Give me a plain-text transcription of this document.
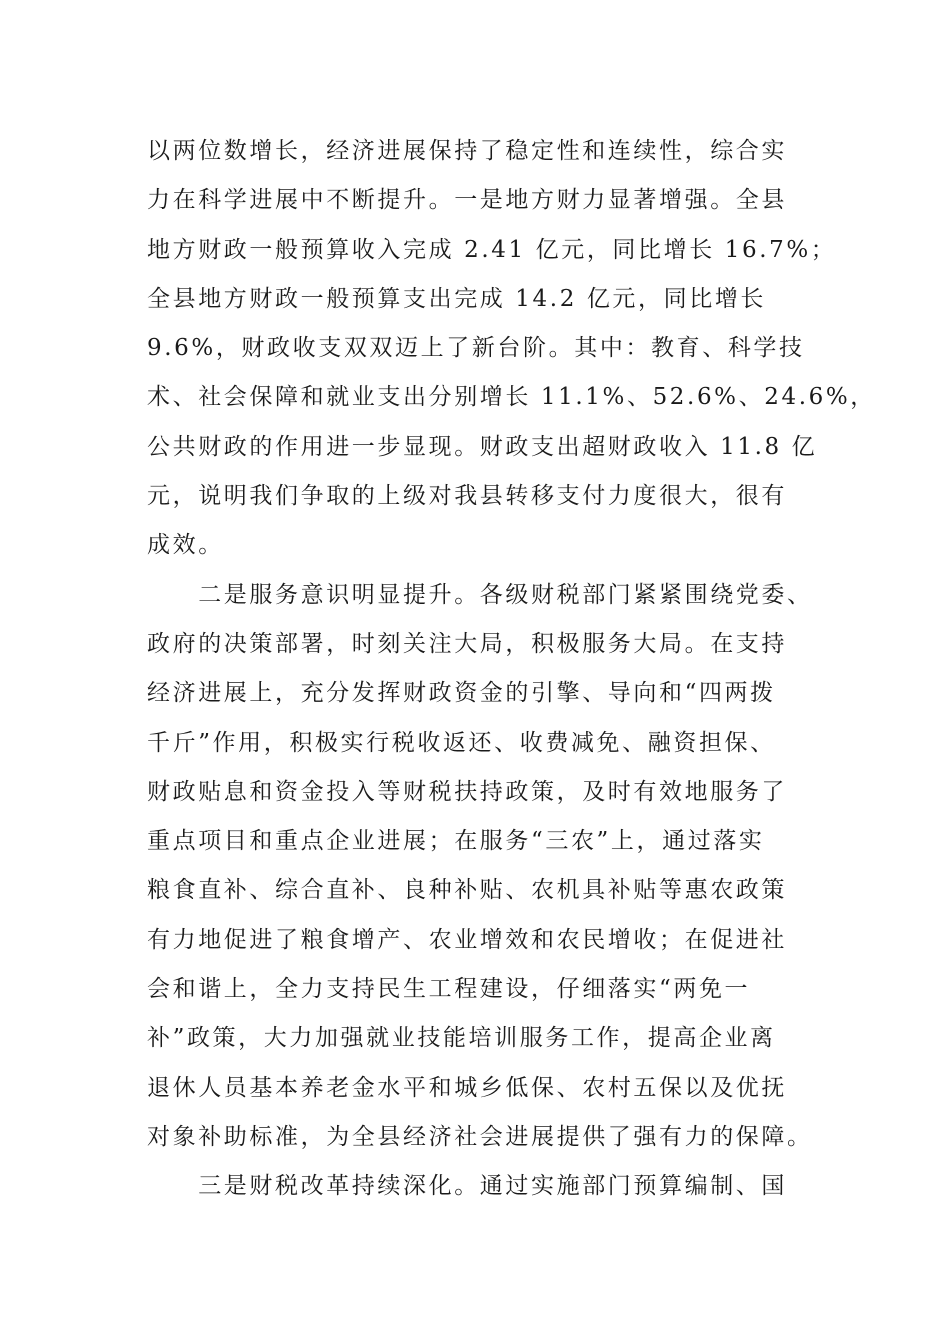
以两位数增长，经济进展保持了稳定性和连续性，综合实
力在科学进展中不断提升。一是地方财力显著增强。全县
地方财政一般预算收入完成 2.41 亿元，同比增长 16.7%；
全县地方财政一般预算支出完成 14.2 亿元，同比增长
9.6%，财政收支双双迈上了新台阶。其中：教育、科学技
术、社会保障和就业支出分别增长 11.1%、52.6%、24.6%，
公共财政的作用进一步显现。财政支出超财政收入 11.8 亿
元，说明我们争取的上级对我县转移支付力度很大，很有
成效。
　　二是服务意识明显提升。各级财税部门紧紧围绕党委、
政府的决策部署，时刻关注大局，积极服务大局。在支持
经济进展上，充分发挥财政资金的引擎、导向和“四两拨
千斤”作用，积极实行税收返还、收费减免、融资担保、
财政贴息和资金投入等财税扶持政策，及时有效地服务了
重点项目和重点企业进展；在服务“三农”上，通过落实
粮食直补、综合直补、良种补贴、农机具补贴等惠农政策
有力地促进了粮食增产、农业增效和农民增收；在促进社
会和谐上，全力支持民生工程建设，仔细落实“两免一
补”政策，大力加强就业技能培训服务工作，提高企业离
退休人员基本养老金水平和城乡低保、农村五保以及优抚
对象补助标准，为全县经济社会进展提供了强有力的保障。
　　三是财税改革持续深化。通过实施部门预算编制、国
